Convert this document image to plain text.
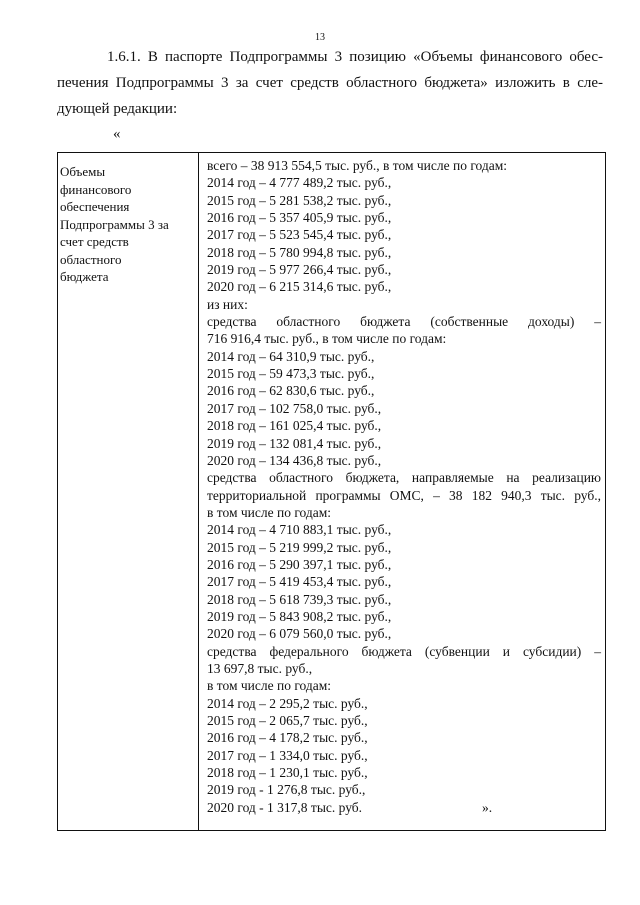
13
1.6.1. В паспорте Подпрограммы 3 позицию «Объемы финансового обес-
печения Подпрограммы 3 за счет средств областного бюджета» изложить в сле-
дующей редакции:
«
Объемы
финансового
обеспечения
Подпрограммы 3 за
счет средств
областного
бюджета

всего – 38 913 554,5 тыс. руб., в том числе по годам:
2014 год – 4 777 489,2 тыс. руб.,
2015 год – 5 281 538,2 тыс. руб.,
2016 год – 5 357 405,9 тыс. руб.,
2017 год – 5 523 545,4 тыс. руб.,
2018 год – 5 780 994,8 тыс. руб.,
2019 год – 5 977 266,4 тыс. руб.,
2020 год – 6 215 314,6 тыс. руб.,
из них:
средства областного бюджета (собственные доходы) –
716 916,4 тыс. руб., в том числе по годам:
2014 год – 64 310,9 тыс. руб.,
2015 год – 59 473,3 тыс. руб.,
2016 год – 62 830,6 тыс. руб.,
2017 год – 102 758,0 тыс. руб.,
2018 год – 161 025,4 тыс. руб.,
2019 год – 132 081,4 тыс. руб.,
2020 год – 134 436,8 тыс. руб.,
средства областного бюджета, направляемые на реализацию
территориальной программы ОМС, – 38 182 940,3 тыс. руб.,
в том числе по годам:
2014 год – 4 710 883,1 тыс. руб.,
2015 год – 5 219 999,2 тыс. руб.,
2016 год – 5 290 397,1 тыс. руб.,
2017 год – 5 419 453,4 тыс. руб.,
2018 год – 5 618 739,3 тыс. руб.,
2019 год – 5 843 908,2 тыс. руб.,
2020 год – 6 079 560,0 тыс. руб.,
средства федерального бюджета (субвенции и субсидии) –
13 697,8 тыс. руб.,
в том числе по годам:
2014 год – 2 295,2 тыс. руб.,
2015 год – 2 065,7 тыс. руб.,
2016 год – 4 178,2 тыс. руб.,
2017 год – 1 334,0 тыс. руб.,
2018 год – 1 230,1 тыс. руб.,
2019 год - 1 276,8 тыс. руб.,
2020 год - 1 317,8 тыс. руб.	».
